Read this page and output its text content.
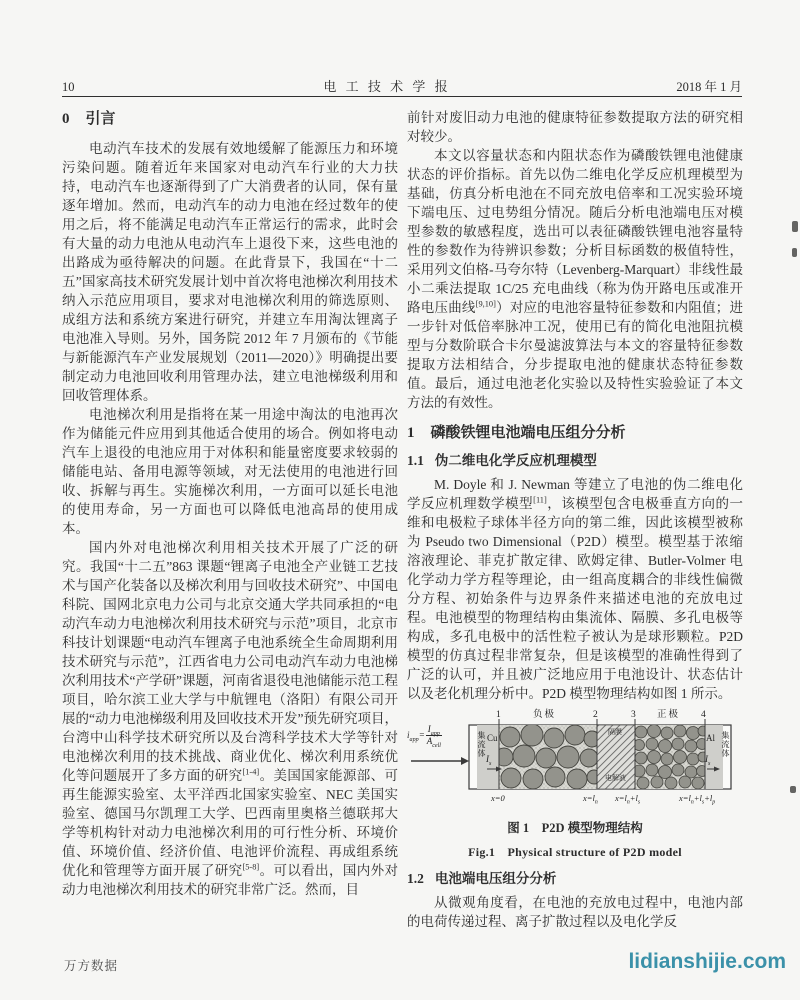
10	电 工 技 术 学 报	2018 年 1 月
0 引言

电动汽车技术的发展有效地缓解了能源压力和环境污染问题。随着近年来国家对电动汽车行业的大力扶持，电动汽车也逐渐得到了广大消费者的认同，保有量逐年增加。然而，电动汽车的动力电池在经过数年的使用之后，将不能满足电动汽车正常运行的需求，此时会有大量的动力电池从电动汽车上退役下来，这些电池的出路成为亟待解决的问题。在此背景下，我国在“十二五”国家高技术研究发展计划中首次将电池梯次利用技术纳入示范应用项目，要求对电池梯次利用的筛选原则、成组方法和系统方案进行研究，并建立车用淘汰锂离子电池准入导则。另外，国务院 2012 年 7 月颁布的《节能与新能源汽车产业发展规划（2011—2020）》明确提出要制定动力电池回收利用管理办法，建立电池梯级利用和回收管理体系。

电池梯次利用是指将在某一用途中淘汰的电池再次作为储能元件应用到其他适合使用的场合。例如将电动汽车上退役的电池应用于对体积和能量密度要求较弱的储能电站、备用电源等领域，对无法使用的电池进行回收、拆解与再生。实施梯次利用，一方面可以延长电池的使用寿命，另一方面也可以降低电池高昂的使用成本。

国内外对电池梯次利用相关技术开展了广泛的研究。我国“十二五”863 课题“锂离子电池全产业链工艺技术与国产化装备以及梯次利用与回收技术研究”、中国电科院、国网北京电力公司与北京交通大学共同承担的“电动汽车动力电池梯次利用技术研究与示范”项目，北京市科技计划课题“电动汽车锂离子电池系统全生命周期利用技术研究与示范”，江西省电力公司电动汽车动力电池梯次利用技术“产学研”课题，河南省退役电池储能示范工程项目，哈尔滨工业大学与中航锂电（洛阳）有限公司开展的“动力电池梯级利用及回收技术开发”预先研究项目，台湾中山科学技术研究所以及台湾科学技术大学等针对电池梯次利用的技术挑战、商业优化、梯次利用系统优化等问题展开了多方面的研究[1-4]。美国国家能源部、可再生能源实验室、太平洋西北国家实验室、NEC 美国实验室、德国马尔凯理工大学、巴西南里奥格兰德联邦大学等机构针对动力电池梯次利用的可行性分析、环境价值、环境价值、经济价值、电池评价流程、再成组系统优化和管理等方面开展了研究[5-8]。可以看出，国内外对动力电池梯次利用技术的研究非常广泛。然而，目

前针对废旧动力电池的健康特征参数提取方法的研究相对较少。

本文以容量状态和内阻状态作为磷酸铁锂电池健康状态的评价指标。首先以伪二维电化学反应机理模型为基础，仿真分析电池在不同充放电倍率和工况实验环境下端电压、过电势组分情况。随后分析电池端电压对模型参数的敏感程度，选出可以表征磷酸铁锂电池容量特性的参数作为待辨识参数；分析目标函数的极值特性，采用列文伯格-马夸尔特（Levenberg-Marquart）非线性最小二乘法提取 1C/25 充电曲线（称为伪开路电压或准开路电压曲线[9,10]）对应的电池容量特征参数和内阻值；进一步针对低倍率脉冲工况，使用已有的简化电池阻抗模型与分数阶联合卡尔曼滤波算法与本文的容量特征参数提取方法相结合，分步提取电池的健康状态特征参数值。最后，通过电池老化实验以及特性实验验证了本文方法的有效性。

1 磷酸铁锂电池端电压组分分析
1.1 伪二维电化学反应机理模型

M. Doyle 和 J. Newman 等建立了电池的伪二维电化学反应机理数学模型[11]，该模型包含电极垂直方向的一维和电极粒子球体半径方向的第二维，因此该模型被称为 Pseudo two Dimensional（P2D）模型。模型基于浓缩溶液理论、菲克扩散定律、欧姆定律、Butler-Volmer 电化学动力学方程等理论，由一组高度耦合的非线性偏微分方程、初始条件与边界条件来描述电池的充放电过程。电池模型的物理结构由集流体、隔膜、多孔电极等构成，多孔电极中的活性粒子被认为是球形颗粒。P2D 模型的仿真过程非常复杂，但是该模型的准确性得到了广泛的认可，并且被广泛地应用于电池设计、状态估计以及老化机理分析中。P2D 模型物理结构如图 1 所示。

$i_{app}= \frac{I_{app}}{A_{cell}}$
1	2	3	4
负极	正极
集流体 Cu
$I_s$
Al 集流体
$I_s$
隔膜
电解液
x=0	$x=l_n$ $x=l_n+l_s$	$x=l_n+l_s+l_p$
图 1　P2D 模型物理结构
Fig.1　Physical structure of P2D model
1.2 电池端电压组分分析

从微观角度看，在电池的充放电过程中，电池内部的电荷传递过程、离子扩散过程以及电化学反

万方数据	lidianshijie.com
